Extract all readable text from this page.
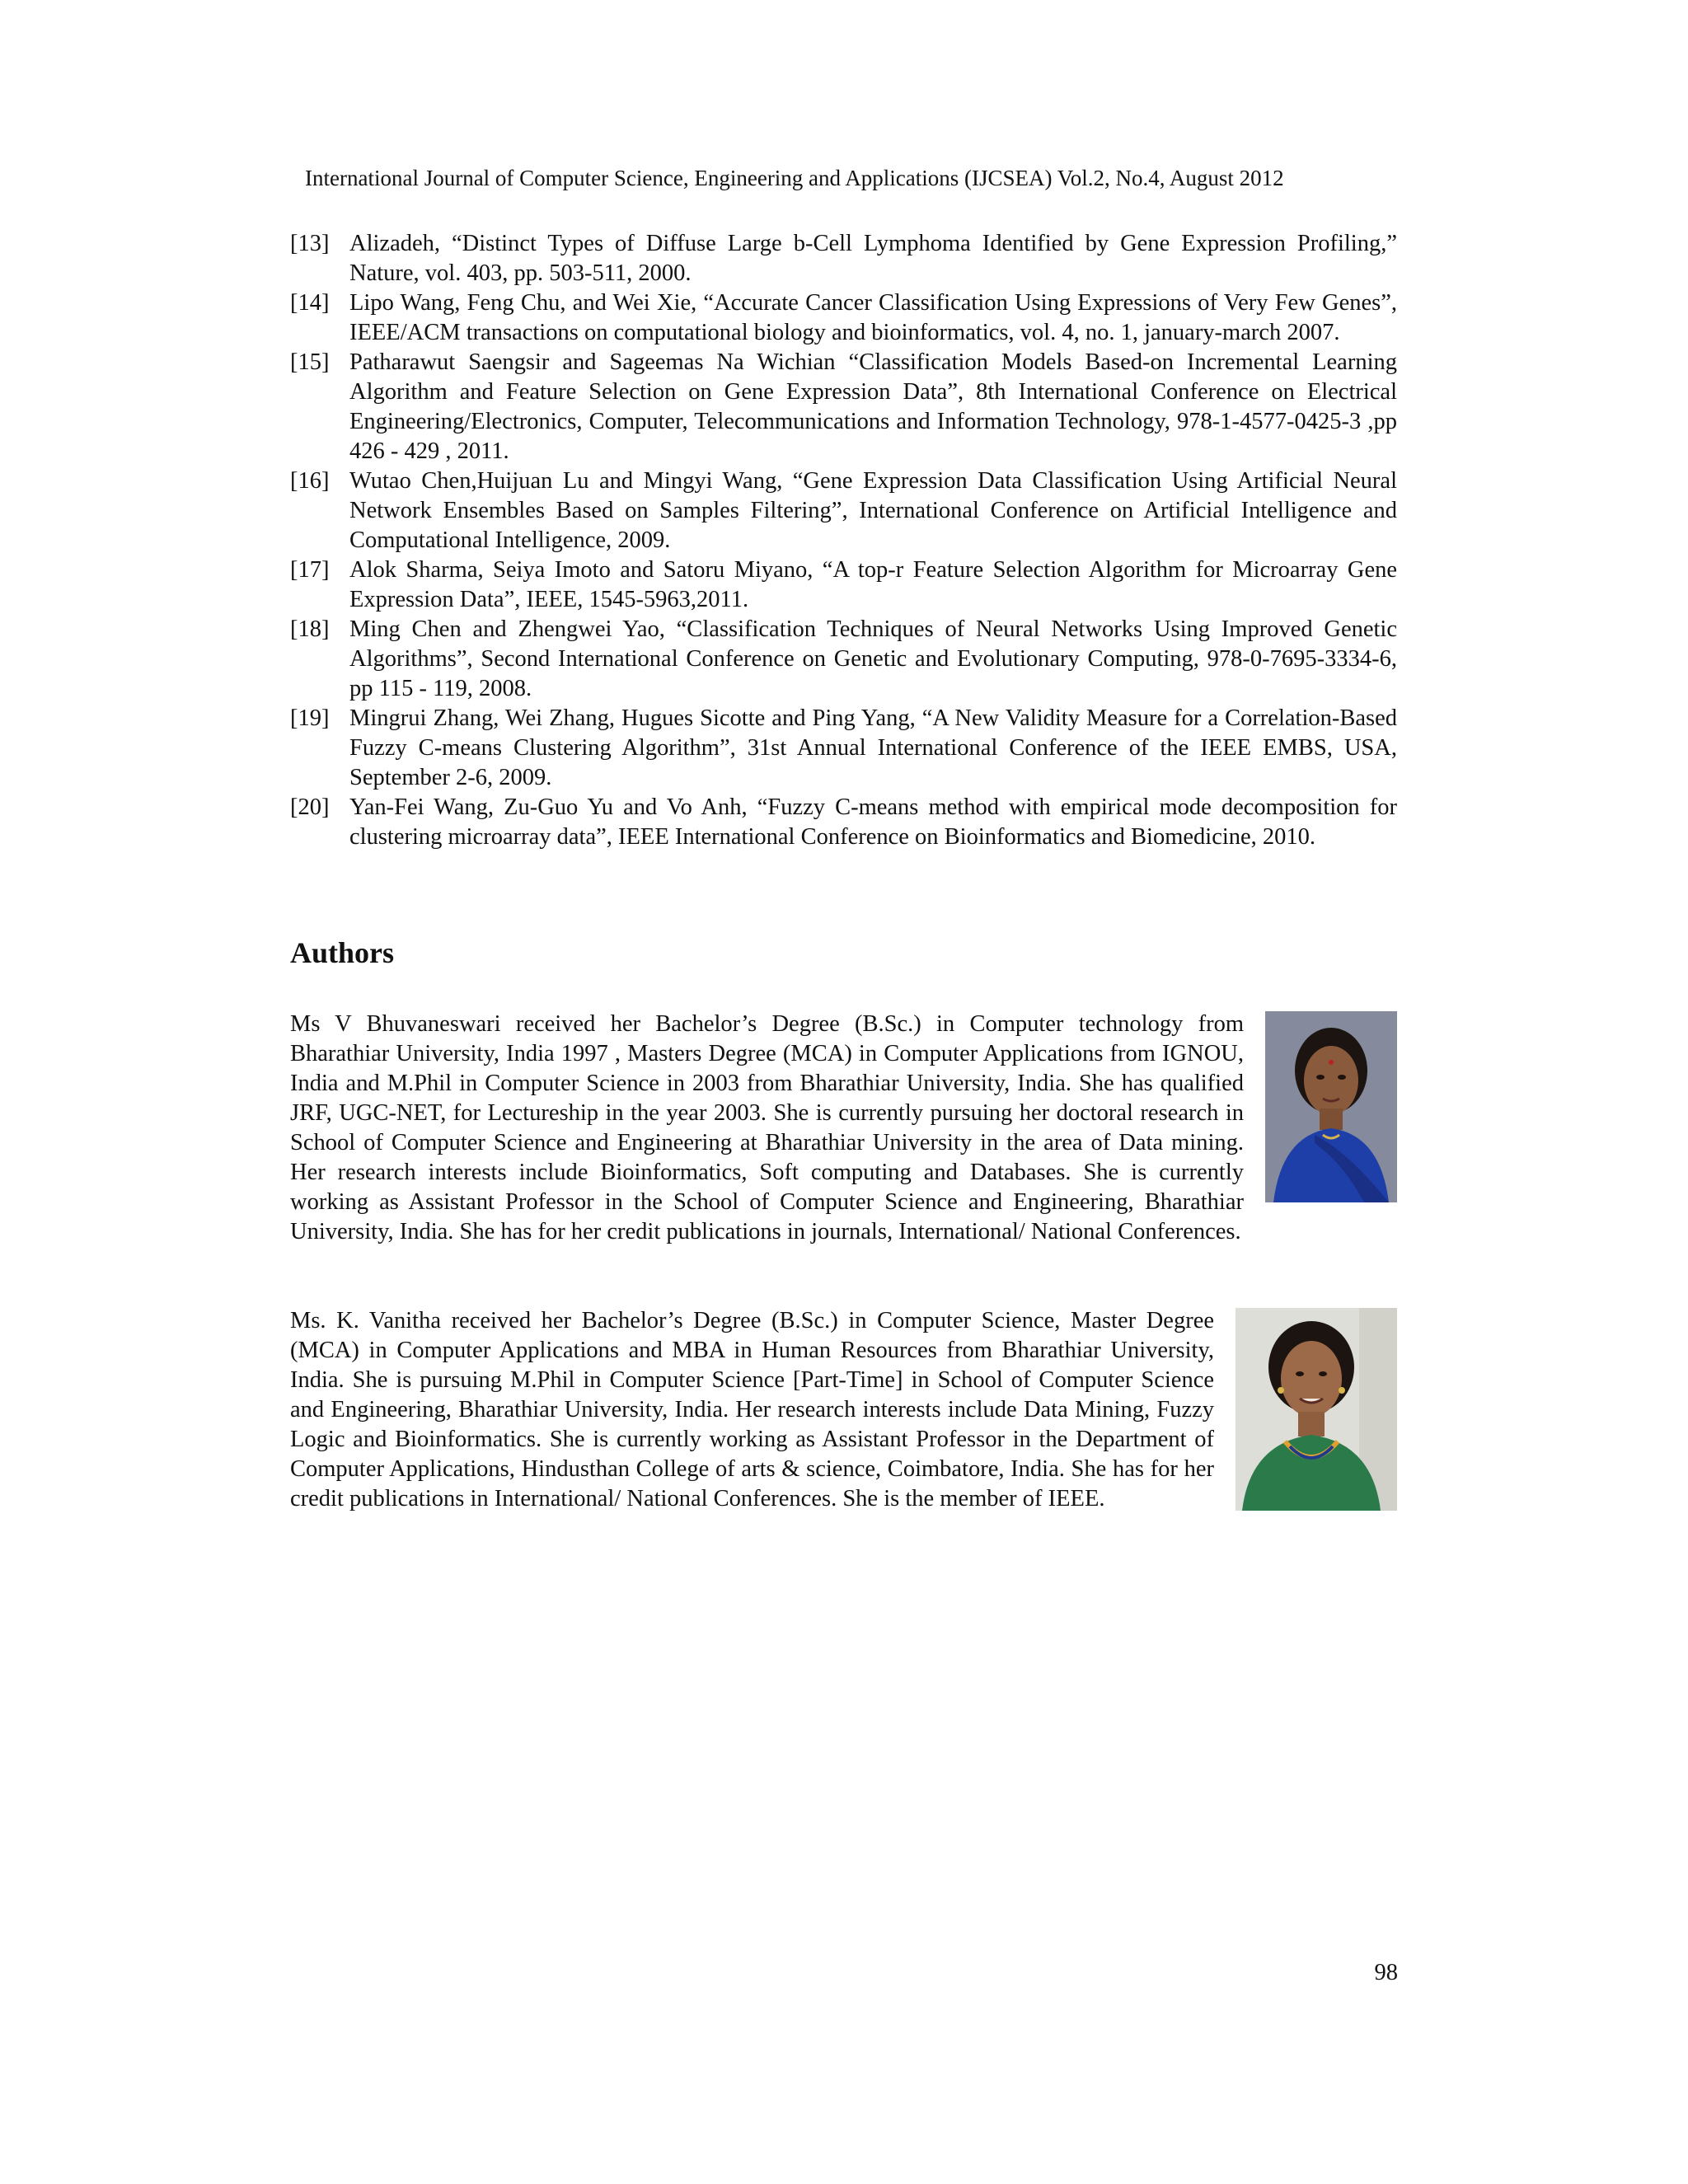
International Journal of Computer Science, Engineering and Applications (IJCSEA) Vol.2, No.4, August 2012
[13] Alizadeh, “Distinct Types of Diffuse Large b-Cell Lymphoma Identified by Gene Expression Profiling,” Nature, vol. 403, pp. 503-511, 2000.
[14] Lipo Wang, Feng Chu, and Wei Xie, “Accurate Cancer Classification Using Expressions of Very Few Genes”, IEEE/ACM transactions on computational biology and bioinformatics, vol. 4, no. 1, january-march 2007.
[15] Patharawut Saengsir and Sageemas Na Wichian “Classification Models Based-on Incremental Learning Algorithm and Feature Selection on Gene Expression Data”, 8th International Conference on Electrical Engineering/Electronics, Computer, Telecommunications and Information Technology, 978-1-4577-0425-3 ,pp 426 - 429 , 2011.
[16] Wutao Chen,Huijuan Lu and Mingyi Wang, “Gene Expression Data Classification Using Artificial Neural Network Ensembles Based on Samples Filtering”, International Conference on Artificial Intelligence and Computational Intelligence, 2009.
[17] Alok Sharma, Seiya Imoto and Satoru Miyano, “A top-r Feature Selection Algorithm for Microarray Gene Expression Data”, IEEE, 1545-5963,2011.
[18] Ming Chen and Zhengwei Yao, “Classification Techniques of Neural Networks Using Improved Genetic Algorithms”, Second International Conference on Genetic and Evolutionary Computing, 978-0-7695-3334-6, pp 115 - 119, 2008.
[19] Mingrui Zhang, Wei Zhang, Hugues Sicotte and Ping Yang, “A New Validity Measure for a Correlation-Based Fuzzy C-means Clustering Algorithm”, 31st Annual International Conference of the IEEE EMBS, USA, September 2-6, 2009.
[20] Yan-Fei Wang, Zu-Guo Yu and Vo Anh, “Fuzzy C-means method with empirical mode decomposition for clustering microarray data”, IEEE International Conference on Bioinformatics and Biomedicine, 2010.
Authors
Ms V Bhuvaneswari received her Bachelor’s Degree (B.Sc.) in Computer technology from Bharathiar University, India 1997 , Masters Degree (MCA) in Computer Applications from IGNOU, India and M.Phil in Computer Science in 2003 from Bharathiar University, India. She has qualified JRF, UGC-NET, for Lectureship in the year 2003. She is currently pursuing her doctoral research in School of Computer Science and Engineering at Bharathiar University in the area of Data mining. Her research interests include Bioinformatics, Soft computing and Databases. She is currently working as Assistant Professor in the School of Computer Science and Engineering, Bharathiar University, India. She has for her credit publications in journals, International/ National Conferences.
Ms. K. Vanitha received her Bachelor’s Degree (B.Sc.) in Computer Science, Master Degree (MCA) in Computer Applications and MBA in Human Resources from Bharathiar University, India. She is pursuing M.Phil in Computer Science [Part-Time] in School of Computer Science and Engineering, Bharathiar University, India. Her research interests include Data Mining, Fuzzy Logic and Bioinformatics. She is currently working as Assistant Professor in the Department of Computer Applications, Hindusthan College of arts & science, Coimbatore, India. She has for her credit publications in International/ National Conferences. She is the member of IEEE.
98
